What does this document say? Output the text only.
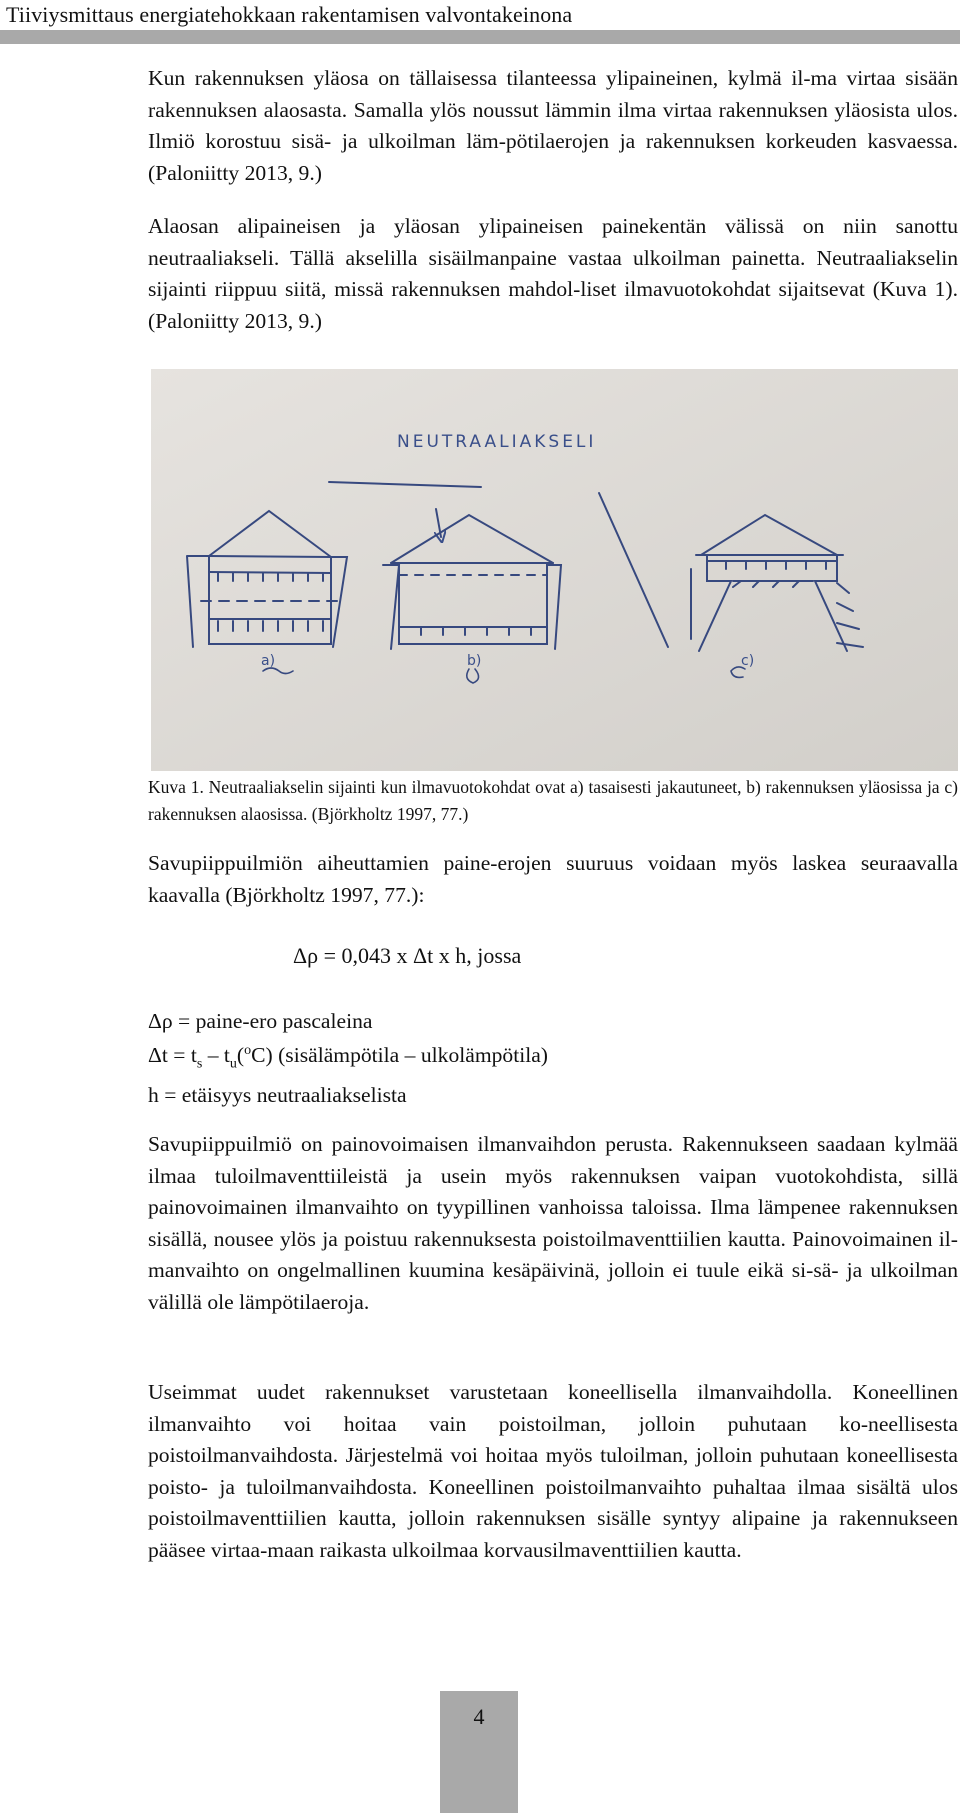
Tiiviysmittaus energiatehokkaan rakentamisen valvontakeinona

Kun rakennuksen yläosa on tällaisessa tilanteessa ylipaineinen, kylmä il-ma virtaa sisään rakennuksen alaosasta. Samalla ylös noussut lämmin ilma virtaa rakennuksen yläosista ulos. Ilmiö korostuu sisä- ja ulkoilman läm-pötilaerojen ja rakennuksen korkeuden kasvaessa. (Paloniitty 2013, 9.)

Alaosan alipaineisen ja yläosan ylipaineisen painekentän välissä on niin sanottu neutraaliakseli. Tällä akselilla sisäilmanpaine vastaa ulkoilman painetta. Neutraaliakselin sijainti riippuu siitä, missä rakennuksen mahdol-liset ilmavuotokohdat sijaitsevat (Kuva 1). (Paloniitty 2013, 9.)

NEUTRAALIAKSELI
a)	b)	c)

Kuva 1. Neutraaliakselin sijainti kun ilmavuotokohdat ovat a) tasaisesti jakautuneet, b) rakennuksen yläosissa ja c) rakennuksen alaosissa. (Björkholtz 1997, 77.)

Savupiippuilmiön aiheuttamien paine-erojen suuruus voidaan myös laskea seuraavalla kaavalla (Björkholtz 1997, 77.):

Δρ = 0,043 x Δt x h, jossa
Δρ = paine-ero pascaleina
$\Delta t = t_s - t_u(^oC)$ (sisälämpötila – ulkolämpötila)
h = etäisyys neutraaliakselista

Savupiippuilmiö on painovoimaisen ilmanvaihdon perusta. Rakennukseen saadaan kylmää ilmaa tuloilmaventtiileistä ja usein myös rakennuksen vaipan vuotokohdista, sillä painovoimainen ilmanvaihto on tyypillinen vanhoissa taloissa. Ilma lämpenee rakennuksen sisällä, nousee ylös ja poistuu rakennuksesta poistoilmaventtiilien kautta. Painovoimainen il-manvaihto on ongelmallinen kuumina kesäpäivinä, jolloin ei tuule eikä si-sä- ja ulkoilman välillä ole lämpötilaeroja.

Useimmat uudet rakennukset varustetaan koneellisella ilmanvaihdolla. Koneellinen ilmanvaihto voi hoitaa vain poistoilman, jolloin puhutaan ko-neellisesta poistoilmanvaihdosta. Järjestelmä voi hoitaa myös tuloilman, jolloin puhutaan koneellisesta poisto- ja tuloilmanvaihdosta. Koneellinen poistoilmanvaihto puhaltaa ilmaa sisältä ulos poistoilmaventtiilien kautta, jolloin rakennuksen sisälle syntyy alipaine ja rakennukseen pääsee virtaa-maan raikasta ulkoilmaa korvausilmaventtiilien kautta.

4
